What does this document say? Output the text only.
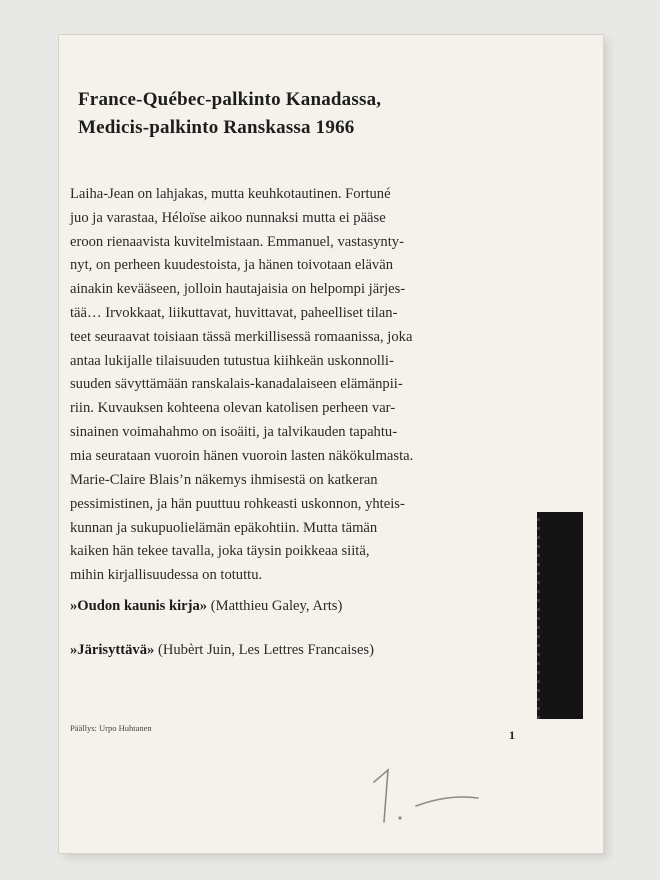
France-Québec-palkinto Kanadassa,
Medicis-palkinto Ranskassa 1966
Laiha-Jean on lahjakas, mutta keuhkotautinen. Fortuné
juo ja varastaa, Héloïse aikoo nunnaksi mutta ei pääse
eroon rienaavista kuvitelmistaan. Emmanuel, vastasynty-
nyt, on perheen kuudestoista, ja hänen toivotaan elävän
ainakin kevääseen, jolloin hautajaisia on helpompi järjes-
tää… Irvokkaat, liikuttavat, huvittavat, paheelliset tilan-
teet seuraavat toisiaan tässä merkillisessä romaanissa, joka
antaa lukijalle tilaisuuden tutustua kiihkeän uskonnolli-
suuden sävyttämään ranskalais-kanadalaiseen elämänpii-
riin. Kuvauksen kohteena olevan katolisen perheen var-
sinainen voimahahmo on isoäiti, ja talvikauden tapahtu-
mia seurataan vuoroin hänen vuoroin lasten näkökulmasta.
Marie-Claire Blais’n näkemys ihmisestä on katkeran
pessimistinen, ja hän puuttuu rohkeasti uskonnon, yhteis-
kunnan ja sukupuolielämän epäkohtiin. Mutta tämän
kaiken hän tekee tavalla, joka täysin poikkeaa siitä,
mihin kirjallisuudessa on totuttu.
»Oudon kaunis kirja» (Matthieu Galey, Arts)
»Järisyttävä» (Hubèrt Juin, Les Lettres Francaises)
Päällys: Urpo Huhtanen	1
